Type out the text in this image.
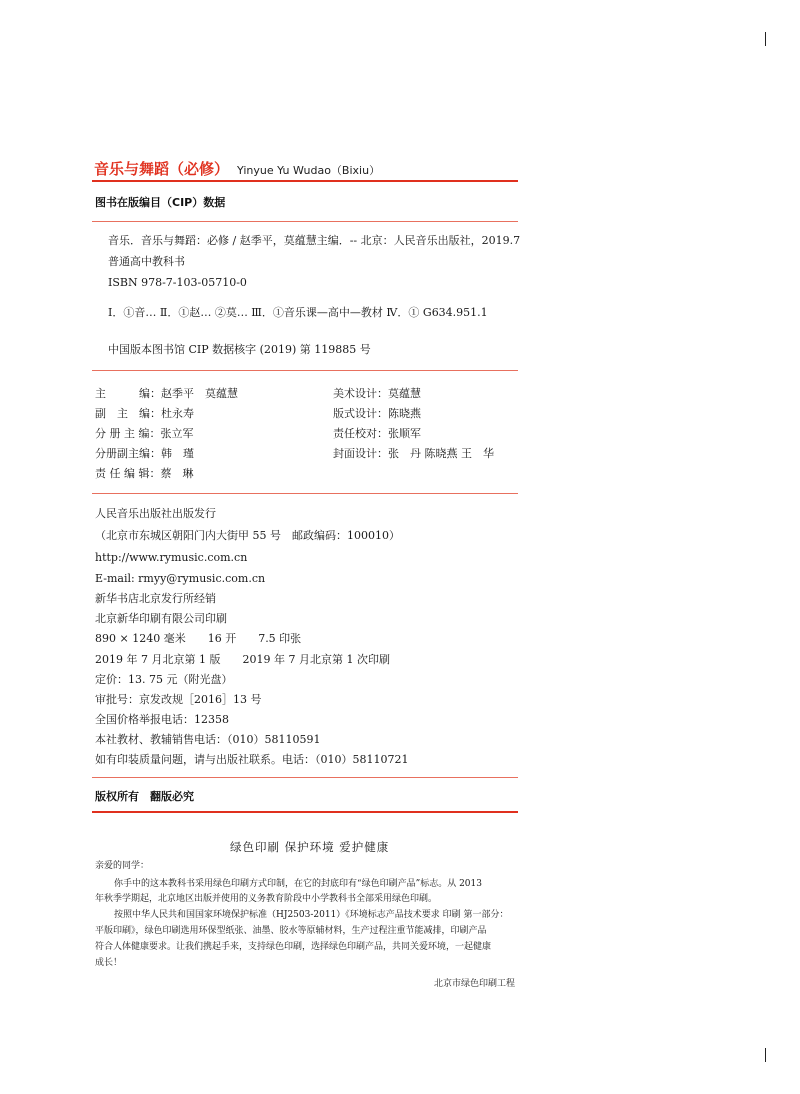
音乐与舞蹈（必修） Yinyue Yu Wudao（Bixiu）
图书在版编目（CIP）数据
音乐．音乐与舞蹈：必修 / 赵季平，莫蕴慧主编．-- 北京：人民音乐出版社，2019.7
普通高中教科书
ISBN 978-7-103-05710-0
Ⅰ．①音… Ⅱ．①赵… ②莫… Ⅲ．①音乐课—高中—教材 Ⅳ．① G634.951.1
中国版本图书馆 CIP 数据核字 (2019) 第 119885 号
主　　　编：赵季平　莫蕴慧
副　主　编：杜永寿
分 册 主 编：张立军
分册副主编：韩　瑾
责 任 编 辑：蔡　琳
美术设计：莫蕴慧
版式设计：陈晓燕
责任校对：张顺军
封面设计：张　丹 陈晓燕 王　华
人民音乐出版社出版发行
（北京市东城区朝阳门内大街甲 55 号　邮政编码：100010）
http://www.rymusic.com.cn
E-mail: rmyy@rymusic.com.cn
新华书店北京发行所经销
北京新华印刷有限公司印刷
890 × 1240 毫米　　16 开　　7.5 印张
2019 年 7 月北京第 1 版　　2019 年 7 月北京第 1 次印刷
定价：13. 75 元（附光盘）
审批号：京发改规［2016］13 号
全国价格举报电话：12358
本社教材、教辅销售电话：（010）58110591
如有印装质量问题，请与出版社联系。电话：（010）58110721
版权所有　翻版必究
绿色印刷 保护环境 爱护健康
亲爱的同学：
你手中的这本教科书采用绿色印刷方式印制，在它的封底印有“绿色印刷产品”标志。从 2013
年秋季学期起，北京地区出版并使用的义务教育阶段中小学教科书全部采用绿色印刷。
按照中华人民共和国国家环境保护标准（HJ2503-2011）《环境标志产品技术要求 印刷 第一部分：
平版印刷》，绿色印刷选用环保型纸张、油墨、胶水等原辅材料，生产过程注重节能减排，印刷产品
符合人体健康要求。让我们携起手来，支持绿色印刷，选择绿色印刷产品，共同关爱环境，一起健康
成长！
北京市绿色印刷工程
